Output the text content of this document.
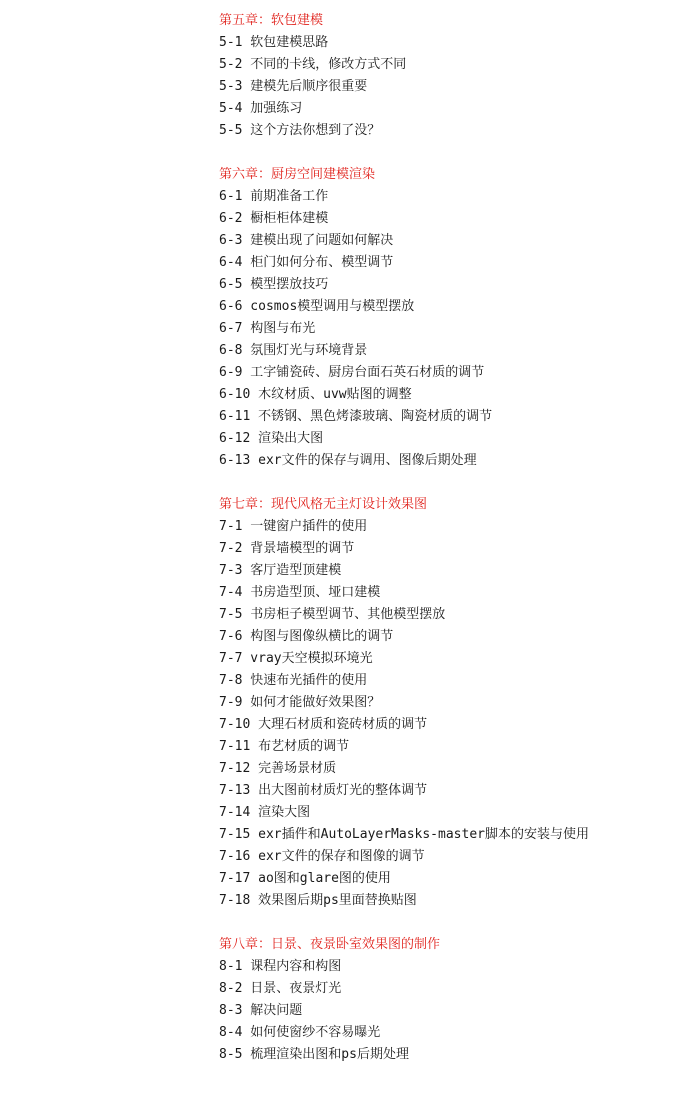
第五章：软包建模
5-1 软包建模思路
5-2 不同的卡线，修改方式不同
5-3 建模先后顺序很重要
5-4 加强练习
5-5 这个方法你想到了没？
第六章：厨房空间建模渲染
6-1 前期准备工作
6-2 橱柜柜体建模
6-3 建模出现了问题如何解决
6-4 柜门如何分布、模型调节
6-5 模型摆放技巧
6-6 cosmos模型调用与模型摆放
6-7 构图与布光
6-8 氛围灯光与环境背景
6-9 工字铺瓷砖、厨房台面石英石材质的调节
6-10 木纹材质、uvw贴图的调整
6-11 不锈钢、黑色烤漆玻璃、陶瓷材质的调节
6-12 渲染出大图
6-13 exr文件的保存与调用、图像后期处理
第七章：现代风格无主灯设计效果图
7-1 一键窗户插件的使用
7-2 背景墙模型的调节
7-3 客厅造型顶建模
7-4 书房造型顶、垭口建模
7-5 书房柜子模型调节、其他模型摆放
7-6 构图与图像纵横比的调节
7-7 vray天空模拟环境光
7-8 快速布光插件的使用
7-9 如何才能做好效果图？
7-10 大理石材质和瓷砖材质的调节
7-11 布艺材质的调节
7-12 完善场景材质
7-13 出大图前材质灯光的整体调节
7-14 渲染大图
7-15 exr插件和AutoLayerMasks-master脚本的安装与使用
7-16 exr文件的保存和图像的调节
7-17 ao图和glare图的使用
7-18 效果图后期ps里面替换贴图
第八章：日景、夜景卧室效果图的制作
8-1 课程内容和构图
8-2 日景、夜景灯光
8-3 解决问题
8-4 如何使窗纱不容易曝光
8-5 梳理渲染出图和ps后期处理
